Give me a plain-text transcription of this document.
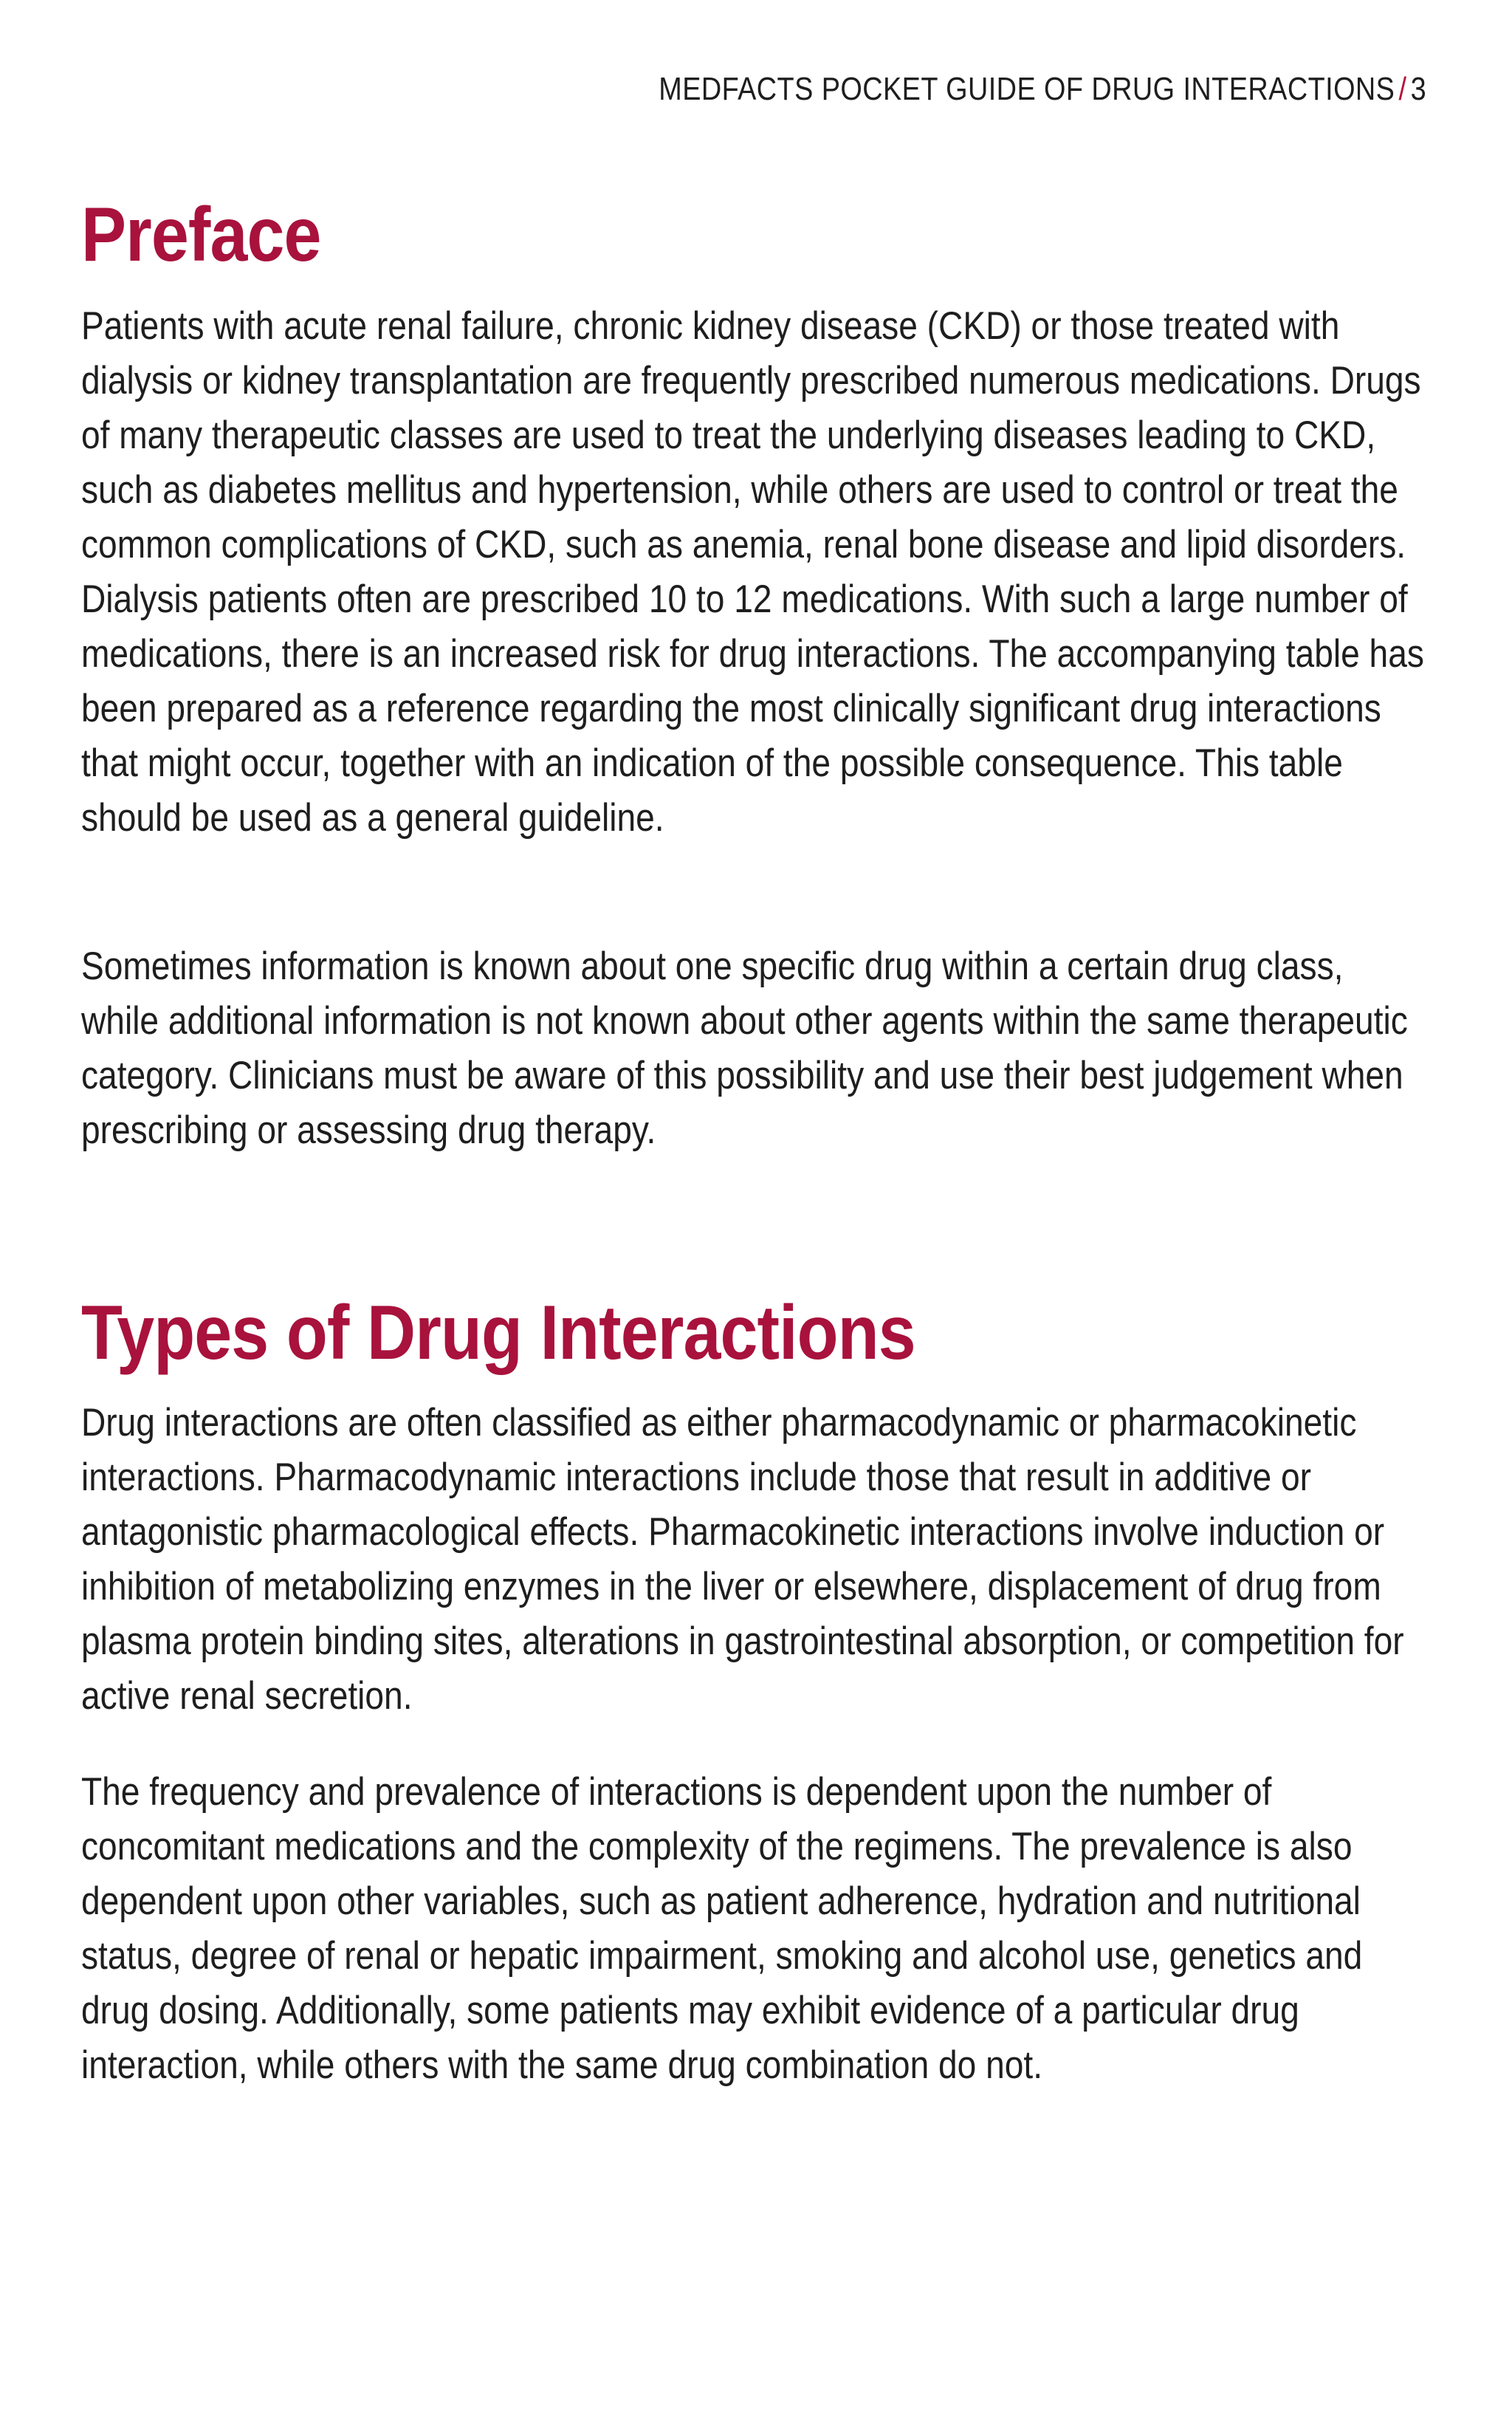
MEDFACTS POCKET GUIDE OF DRUG INTERACTIONS / 3
Preface

Patients with acute renal failure, chronic kidney disease (CKD) or those treated with dialysis or kidney transplantation are frequently prescribed numerous medications. Drugs of many therapeutic classes are used to treat the underlying diseases leading to CKD, such as diabetes mellitus and hypertension, while others are used to control or treat the common complications of CKD, such as anemia, renal bone disease and lipid disorders. Dialysis patients often are prescribed 10 to 12 medications. With such a large number of medications, there is an increased risk for drug interactions. The accompanying table has been prepared as a reference regarding the most clinically significant drug interactions that might occur, together with an indication of the possible consequence. This table should be used as a general guideline.

Sometimes information is known about one specific drug within a certain drug class, while additional information is not known about other agents within the same therapeutic category. Clinicians must be aware of this possibility and use their best judgement when prescribing or assessing drug therapy.

Types of Drug Interactions

Drug interactions are often classified as either pharmacodynamic or pharmacokinetic interactions. Pharmacodynamic interactions include those that result in additive or antagonistic pharmacological effects. Pharmacokinetic interactions involve induction or inhibition of metabolizing enzymes in the liver or elsewhere, displacement of drug from plasma protein binding sites, alterations in gastrointestinal absorption, or competition for active renal secretion.

The frequency and prevalence of interactions is dependent upon the number of concomitant medications and the complexity of the regimens. The prevalence is also dependent upon other variables, such as patient adherence, hydration and nutritional status, degree of renal or hepatic impairment, smoking and alcohol use, genetics and drug dosing. Additionally, some patients may exhibit evidence of a particular drug interaction, while others with the same drug combination do not.
